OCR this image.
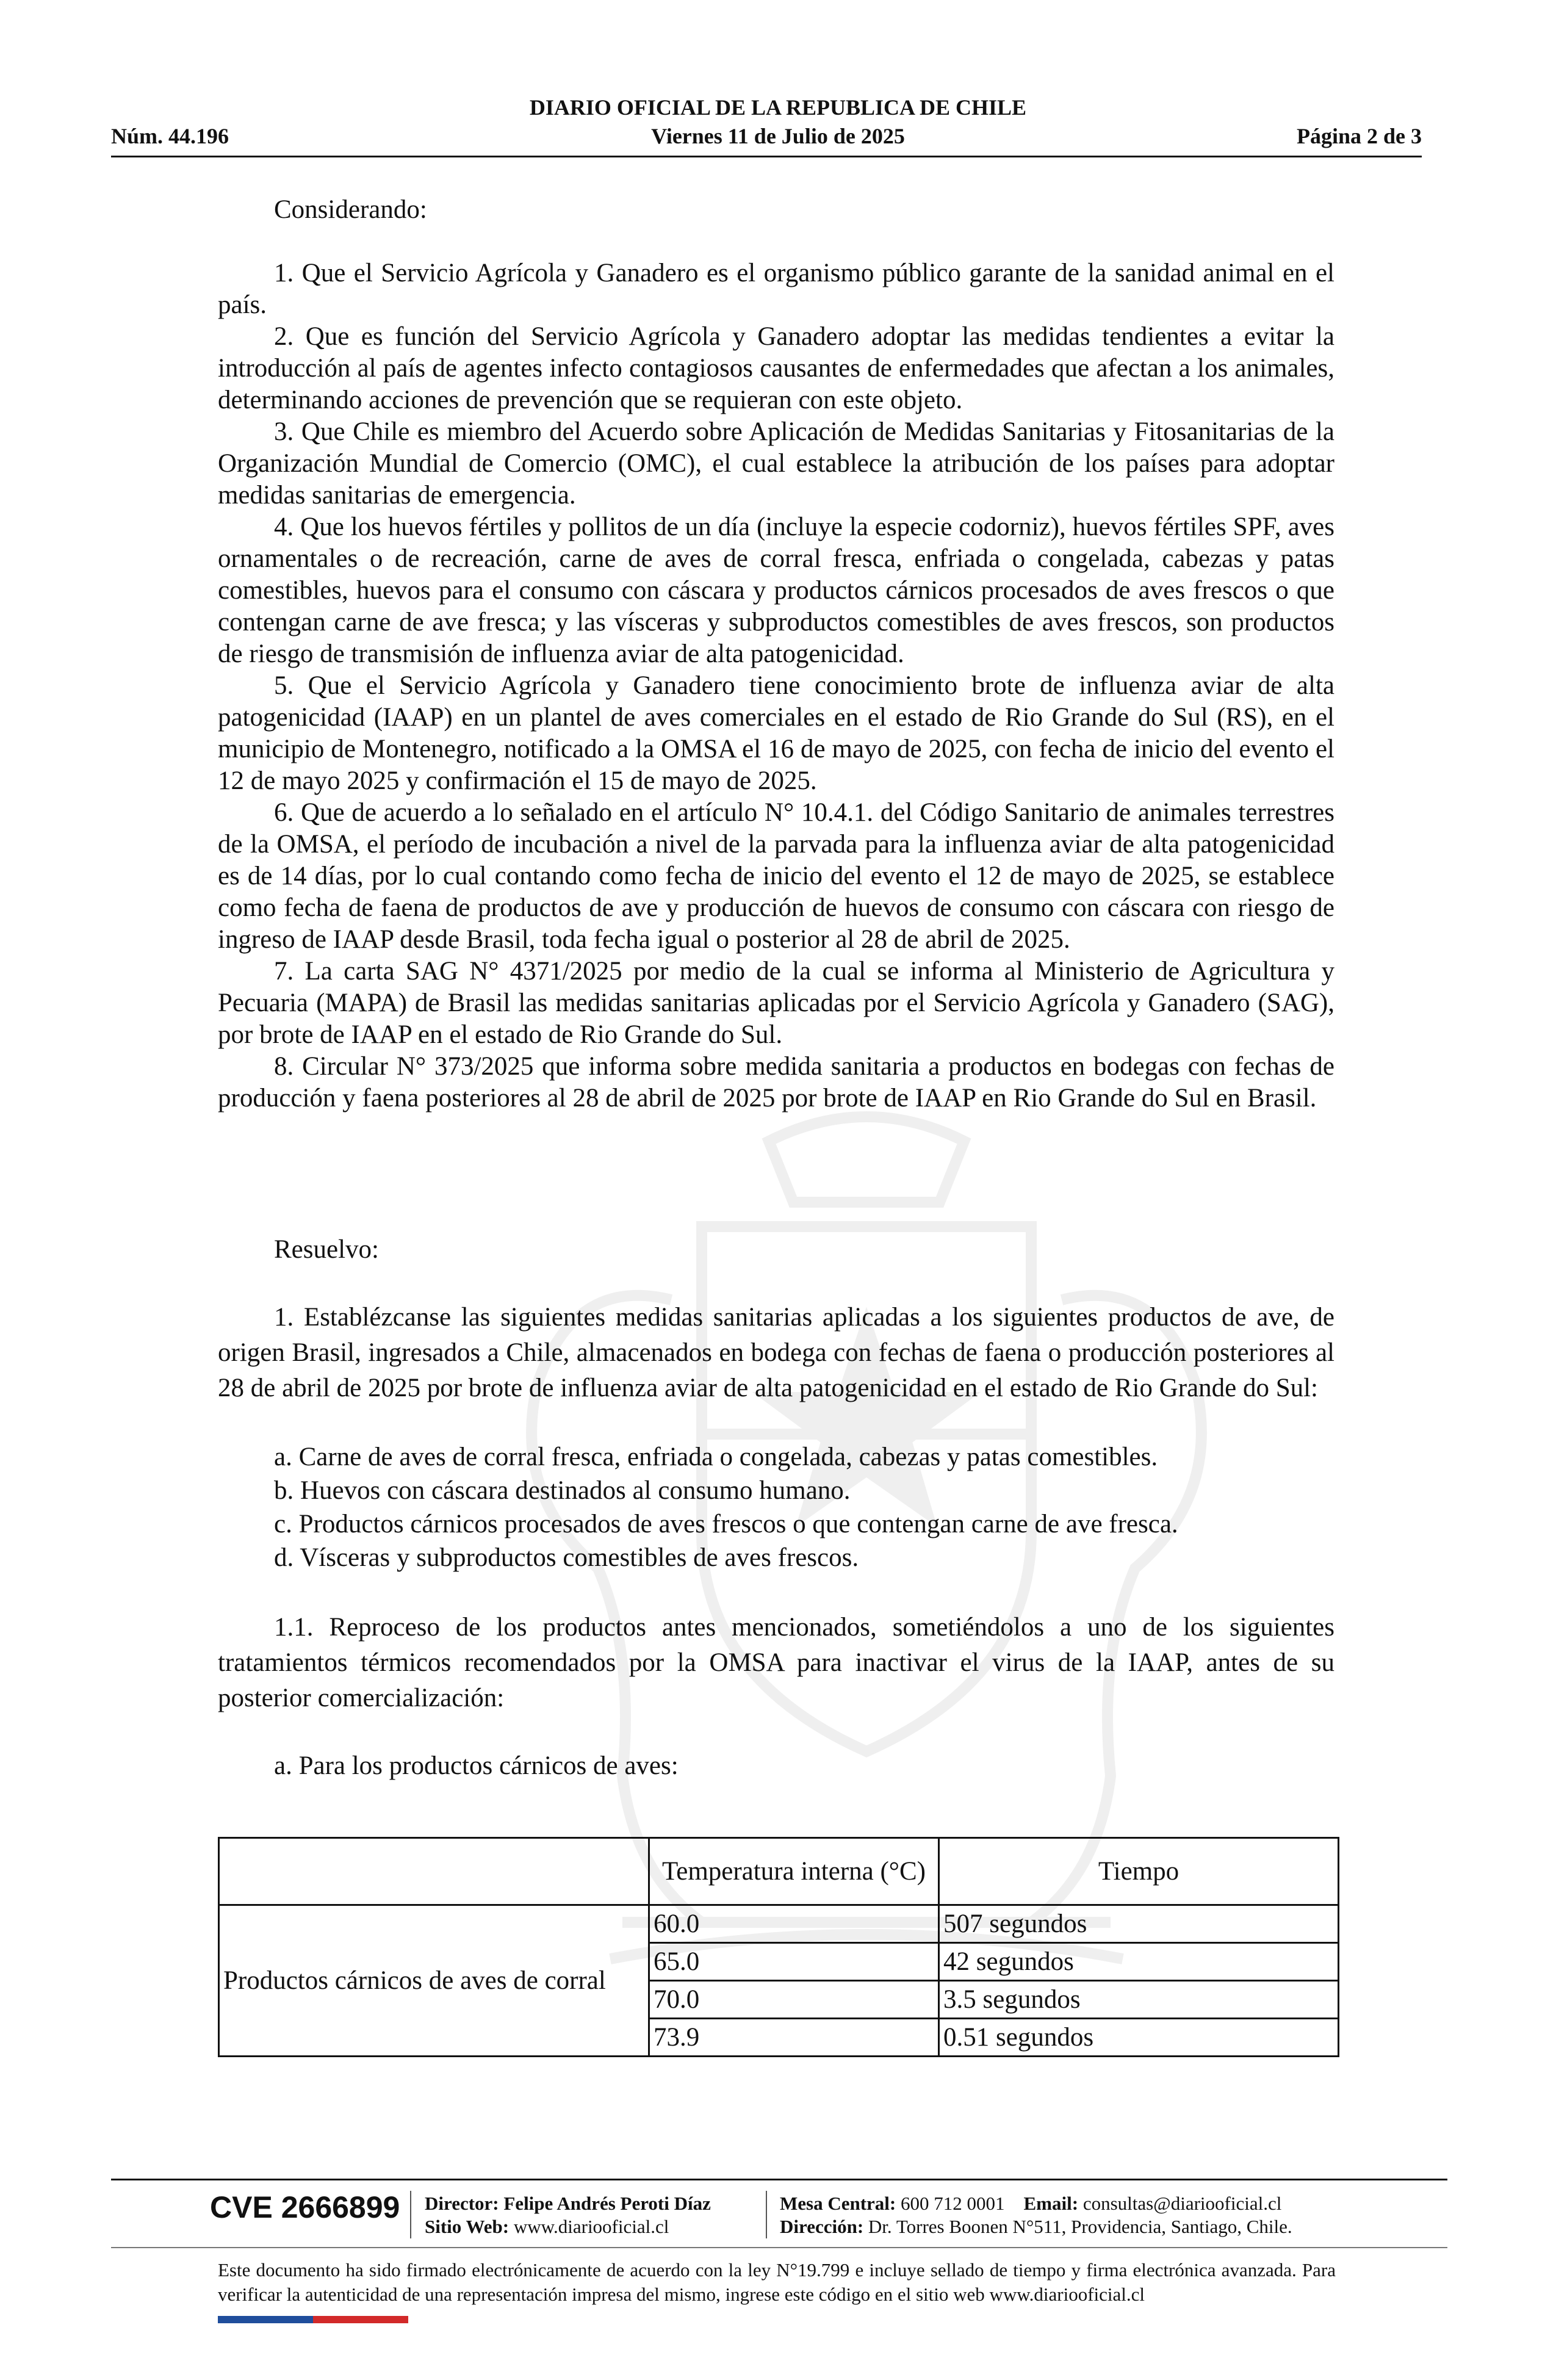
DIARIO OFICIAL DE LA REPUBLICA DE CHILE
Núm. 44.196	Viernes 11 de Julio de 2025	Página 2 de 3

Considerando:

1. Que el Servicio Agrícola y Ganadero es el organismo público garante de la sanidad animal en el país.

2. Que es función del Servicio Agrícola y Ganadero adoptar las medidas tendientes a evitar la introducción al país de agentes infecto contagiosos causantes de enfermedades que afectan a los animales, determinando acciones de prevención que se requieran con este objeto.

3. Que Chile es miembro del Acuerdo sobre Aplicación de Medidas Sanitarias y Fitosanitarias de la Organización Mundial de Comercio (OMC), el cual establece la atribución de los países para adoptar medidas sanitarias de emergencia.

4. Que los huevos fértiles y pollitos de un día (incluye la especie codorniz), huevos fértiles SPF, aves ornamentales o de recreación, carne de aves de corral fresca, enfriada o congelada, cabezas y patas comestibles, huevos para el consumo con cáscara y productos cárnicos procesados de aves frescos o que contengan carne de ave fresca; y las vísceras y subproductos comestibles de aves frescos, son productos de riesgo de transmisión de influenza aviar de alta patogenicidad.

5. Que el Servicio Agrícola y Ganadero tiene conocimiento brote de influenza aviar de alta patogenicidad (IAAP) en un plantel de aves comerciales en el estado de Rio Grande do Sul (RS), en el municipio de Montenegro, notificado a la OMSA el 16 de mayo de 2025, con fecha de inicio del evento el 12 de mayo 2025 y confirmación el 15 de mayo de 2025.

6. Que de acuerdo a lo señalado en el artículo N° 10.4.1. del Código Sanitario de animales terrestres de la OMSA, el período de incubación a nivel de la parvada para la influenza aviar de alta patogenicidad es de 14 días, por lo cual contando como fecha de inicio del evento el 12 de mayo de 2025, se establece como fecha de faena de productos de ave y producción de huevos de consumo con cáscara con riesgo de ingreso de IAAP desde Brasil, toda fecha igual o posterior al 28 de abril de 2025.

7. La carta SAG N° 4371/2025 por medio de la cual se informa al Ministerio de Agricultura y Pecuaria (MAPA) de Brasil las medidas sanitarias aplicadas por el Servicio Agrícola y Ganadero (SAG), por brote de IAAP en el estado de Rio Grande do Sul.

8. Circular N° 373/2025 que informa sobre medida sanitaria a productos en bodegas con fechas de producción y faena posteriores al 28 de abril de 2025 por brote de IAAP en Rio Grande do Sul en Brasil.

Resuelvo:

1. Establézcanse las siguientes medidas sanitarias aplicadas a los siguientes productos de ave, de origen Brasil, ingresados a Chile, almacenados en bodega con fechas de faena o producción posteriores al 28 de abril de 2025 por brote de influenza aviar de alta patogenicidad en el estado de Rio Grande do Sul:

a. Carne de aves de corral fresca, enfriada o congelada, cabezas y patas comestibles.

b. Huevos con cáscara destinados al consumo humano.

c. Productos cárnicos procesados de aves frescos o que contengan carne de ave fresca.

d. Vísceras y subproductos comestibles de aves frescos.

1.1. Reproceso de los productos antes mencionados, sometiéndolos a uno de los siguientes tratamientos térmicos recomendados por la OMSA para inactivar el virus de la IAAP, antes de su posterior comercialización:

a. Para los productos cárnicos de aves:

	Temperatura interna (°C)	Tiempo
Productos cárnicos de aves de corral	60.0	507 segundos
	65.0	42 segundos
	70.0	3.5 segundos
	73.9	0.51 segundos
CVE 2666899 Director: Felipe Andrés Peroti Díaz
Sitio Web: www.diariooficial.cl
Mesa Central: 600 712 0001 Email: consultas@diariooficial.cl
Dirección: Dr. Torres Boonen N°511, Providencia, Santiago, Chile.
Este documento ha sido firmado electrónicamente de acuerdo con la ley N°19.799 e incluye sellado de tiempo y firma electrónica avanzada. Para verificar la autenticidad de una representación impresa del mismo, ingrese este código en el sitio web www.diariooficial.cl
